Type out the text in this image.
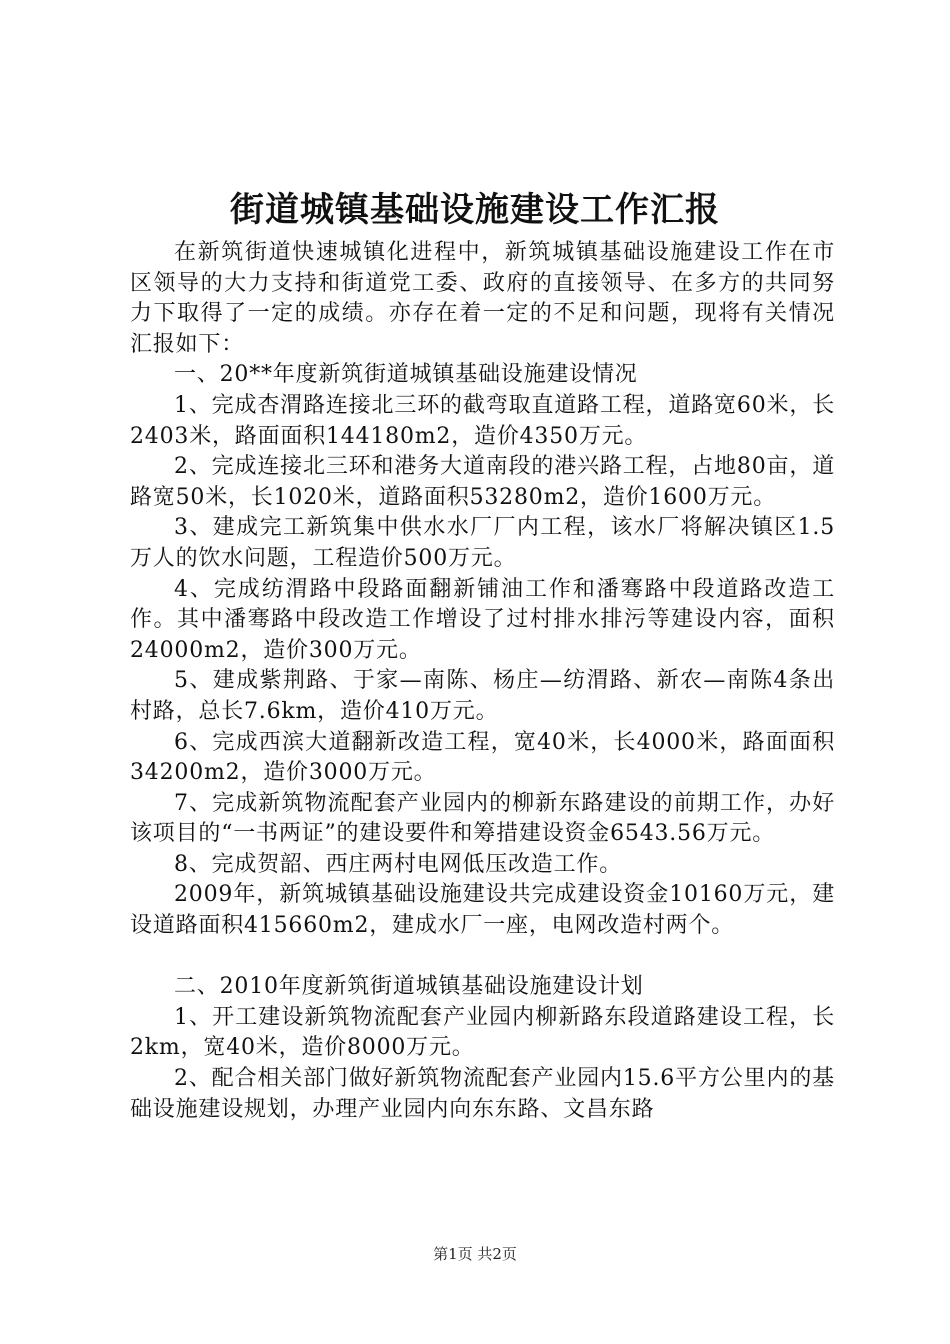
街道城镇基础设施建设工作汇报

在新筑街道快速城镇化进程中，新筑城镇基础设施建设工作在市区领导的大力支持和街道党工委、政府的直接领导、在多方的共同努力下取得了一定的成绩。亦存在着一定的不足和问题，现将有关情况汇报如下：

一、20**年度新筑街道城镇基础设施建设情况

1、完成杏渭路连接北三环的截弯取直道路工程，道路宽60米，长2403米，路面面积144180m2，造价4350万元。

2、完成连接北三环和港务大道南段的港兴路工程，占地80亩，道路宽50米，长1020米，道路面积53280m2，造价1600万元。

3、建成完工新筑集中供水水厂厂内工程，该水厂将解决镇区1.5万人的饮水问题，工程造价500万元。

4、完成纺渭路中段路面翻新铺油工作和潘骞路中段道路改造工作。其中潘骞路中段改造工作增设了过村排水排污等建设内容，面积24000m2，造价300万元。

5、建成紫荆路、于家—南陈、杨庄—纺渭路、新农—南陈4条出村路，总长7.6km，造价410万元。

6、完成西滨大道翻新改造工程，宽40米，长4000米，路面面积34200m2，造价3000万元。

7、完成新筑物流配套产业园内的柳新东路建设的前期工作，办好该项目的“一书两证”的建设要件和筹措建设资金6543.56万元。

8、完成贺韶、西庄两村电网低压改造工作。

2009年，新筑城镇基础设施建设共完成建设资金10160万元，建设道路面积415660m2，建成水厂一座，电网改造村两个。

二、2010年度新筑街道城镇基础设施建设计划

1、开工建设新筑物流配套产业园内柳新路东段道路建设工程，长2km，宽40米，造价8000万元。

2、配合相关部门做好新筑物流配套产业园内15.6平方公里内的基础设施建设规划，办理产业园内向东东路、文昌东路

第1页 共2页
